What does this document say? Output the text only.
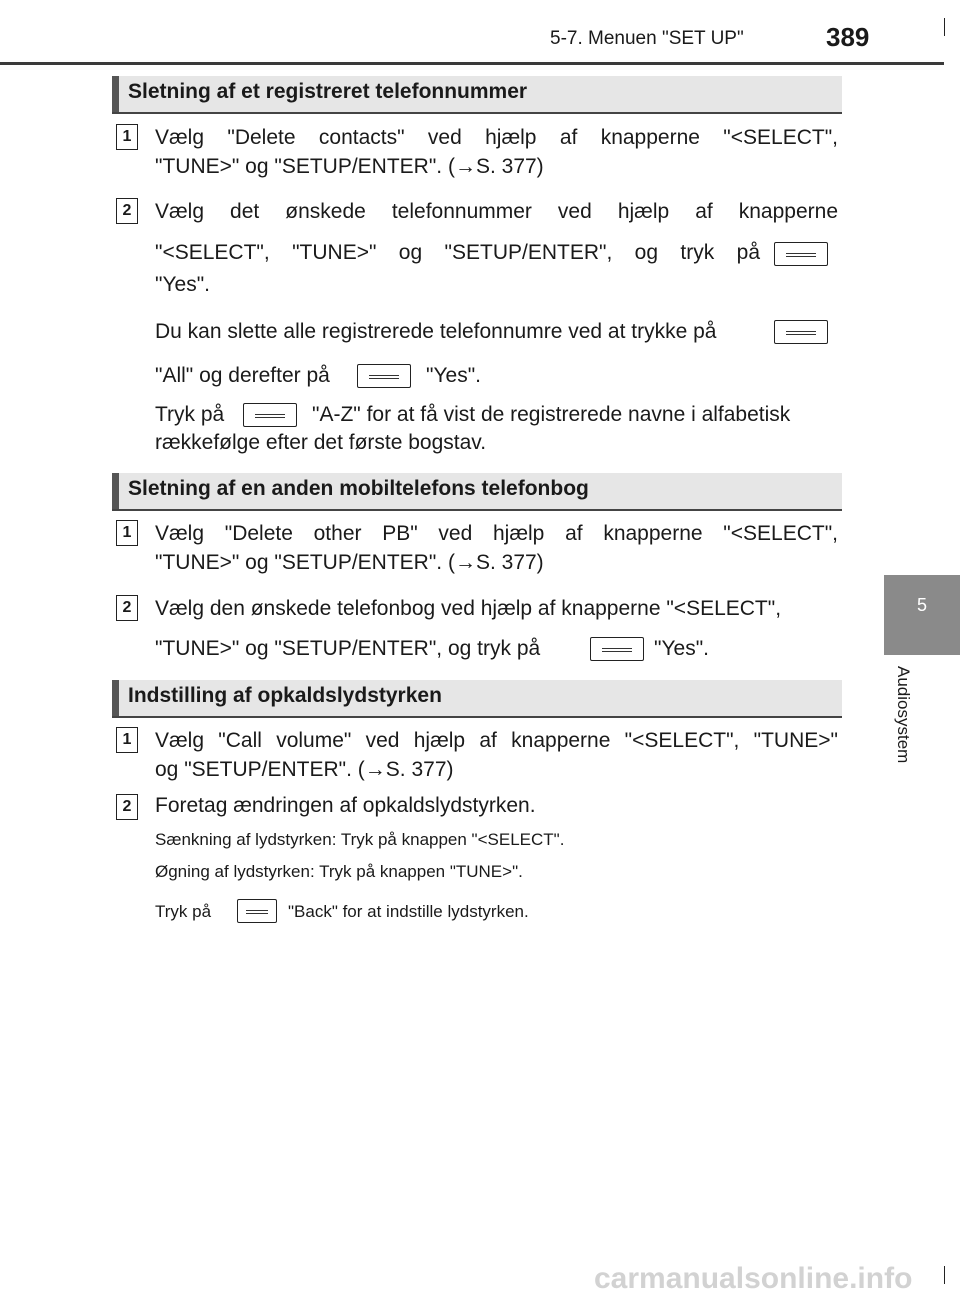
5-7. Menuen "SET UP"	389
5
Audiosystem
Sletning af et registreret telefonnummer
1	Vælg "Delete contacts" ved hjælp af knapperne "<SELECT",
"TUNE>" og "SETUP/ENTER". (→S. 377)
2	Vælg det ønskede telefonnummer ved hjælp af knapperne
"<SELECT", "TUNE>" og "SETUP/ENTER", og tryk på
"Yes".
Du kan slette alle registrerede telefonnumre ved at trykke på
"All" og derefter på	"Yes".
Tryk på	"A-Z" for at få vist de registrerede navne i alfabetisk
rækkefølge efter det første bogstav.
Sletning af en anden mobiltelefons telefonbog
1	Vælg "Delete other PB" ved hjælp af knapperne "<SELECT",
"TUNE>" og "SETUP/ENTER". (→S. 377)
2	Vælg den ønskede telefonbog ved hjælp af knapperne "<SELECT",
"TUNE>" og "SETUP/ENTER", og tryk på	"Yes".
Indstilling af opkaldslydstyrken
1	Vælg "Call volume" ved hjælp af knapperne "<SELECT", "TUNE>"
og "SETUP/ENTER". (→S. 377)
2	Foretag ændringen af opkaldslydstyrken.
Sænkning af lydstyrken: Tryk på knappen "<SELECT".
Øgning af lydstyrken: Tryk på knappen "TUNE>".
Tryk på	"Back" for at indstille lydstyrken.
carmanualsonline.info
